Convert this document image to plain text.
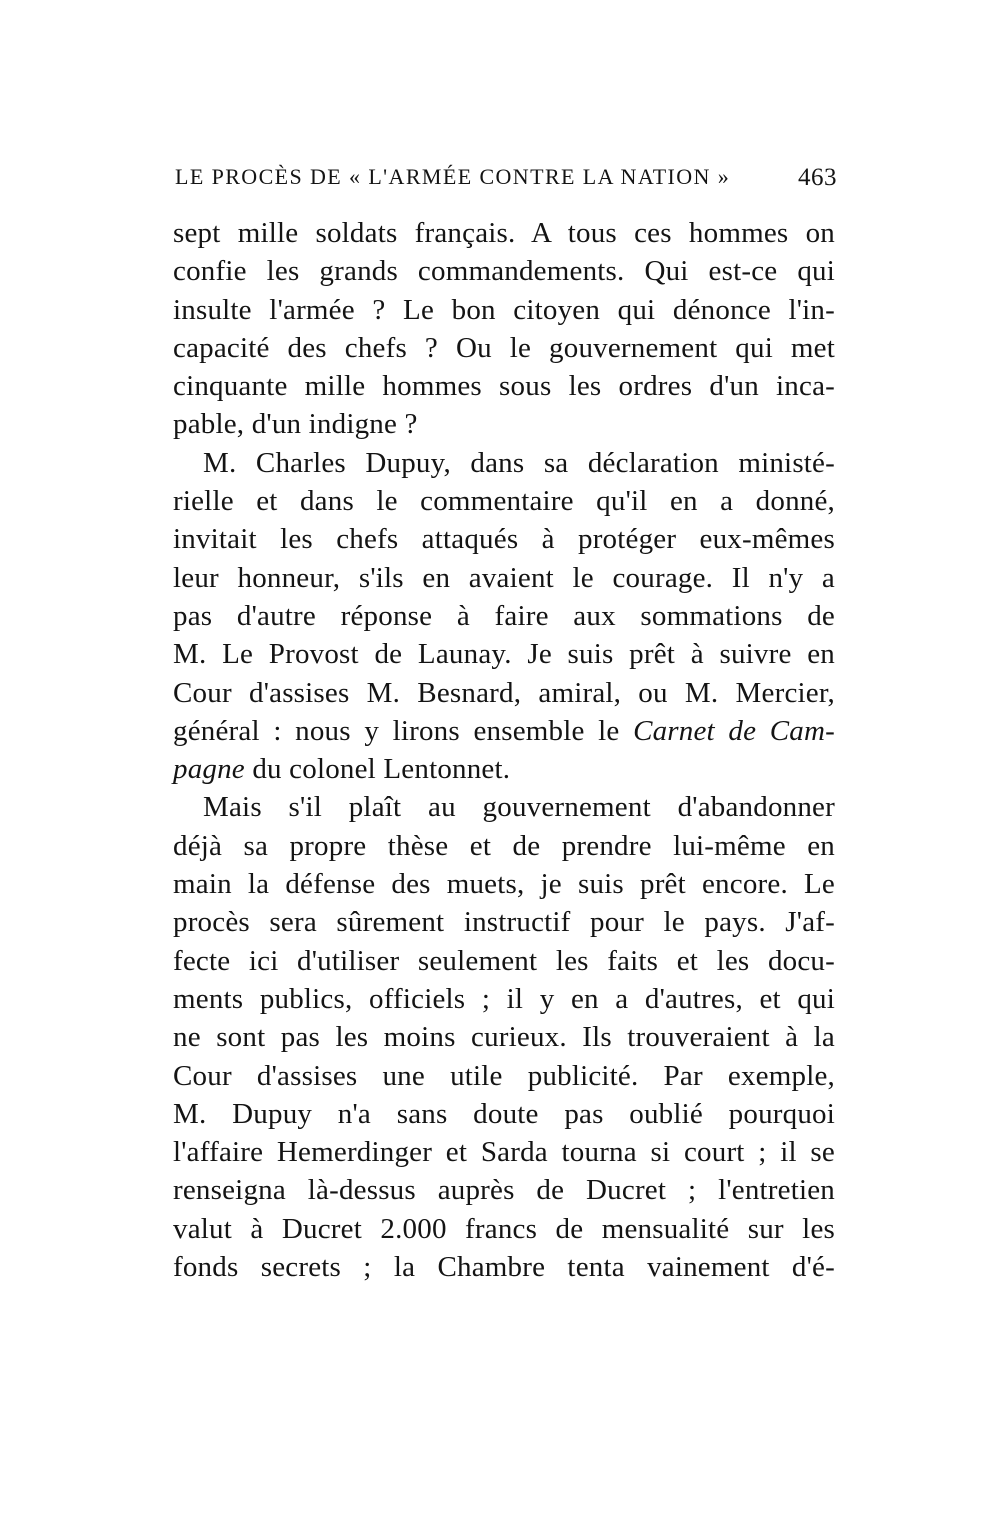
LE PROCÈS DE « L'ARMÉE CONTRE LA NATION »	463
sept mille soldats français. A tous ces hommes on
confie les grands commandements. Qui est-ce qui
insulte l'armée ? Le bon citoyen qui dénonce l'in-
capacité des chefs ? Ou le gouvernement qui met
cinquante mille hommes sous les ordres d'un inca-
pable, d'un indigne ?
M. Charles Dupuy, dans sa déclaration ministé-
rielle et dans le commentaire qu'il en a donné,
invitait les chefs attaqués à protéger eux-mêmes
leur honneur, s'ils en avaient le courage. Il n'y a
pas d'autre réponse à faire aux sommations de
M. Le Provost de Launay. Je suis prêt à suivre en
Cour d'assises M. Besnard, amiral, ou M. Mercier,
général : nous y lirons ensemble le Carnet de Cam-
pagne du colonel Lentonnet.
Mais s'il plaît au gouvernement d'abandonner
déjà sa propre thèse et de prendre lui-même en
main la défense des muets, je suis prêt encore. Le
procès sera sûrement instructif pour le pays. J'af-
fecte ici d'utiliser seulement les faits et les docu-
ments publics, officiels ; il y en a d'autres, et qui
ne sont pas les moins curieux. Ils trouveraient à la
Cour d'assises une utile publicité. Par exemple,
M. Dupuy n'a sans doute pas oublié pourquoi
l'affaire Hemerdinger et Sarda tourna si court ; il se
renseigna là-dessus auprès de Ducret ; l'entretien
valut à Ducret 2.000 francs de mensualité sur les
fonds secrets ; la Chambre tenta vainement d'é-
